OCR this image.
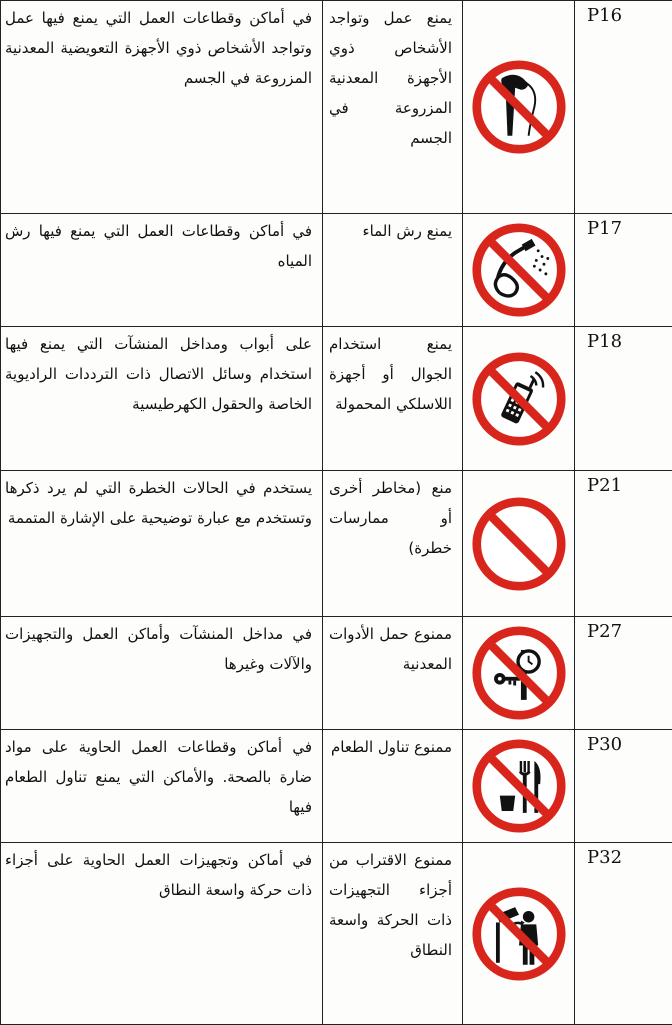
في أماكن وقطاعات العمل التي يمنع فيها عمل وتواجد الأشخاص ذوي الأجهزة التعويضية المعدنية المزروعة في الجسم	يمنع عمل وتواجد الأشخاص ذوي الأجهزة المعدنية المزروعة في الجسم		P16
في أماكن وقطاعات العمل التي يمنع فيها رش المياه	يمنع رش الماء		P17
على أبواب ومداخل المنشآت التي يمنع فيها استخدام وسائل الاتصال ذات الترددات الراديوية الخاصة والحقول الكهرطيسية	يمنع استخدام الجوال أو أجهزة اللاسلكي المحمولة		P18
يستخدم في الحالات الخطرة التي لم يرد ذكرها وتستخدم مع عبارة توضيحية على الإشارة المتممة	منع (مخاطر أخرى أو ممارسات خطرة)		P21
في مداخل المنشآت وأماكن العمل والتجهيزات والآلات وغيرها	ممنوع حمل الأدوات المعدنية		P27
في أماكن وقطاعات العمل الحاوية على مواد ضارة بالصحة. والأماكن التي يمنع تناول الطعام فيها	ممنوع تناول الطعام		P30
في أماكن وتجهيزات العمل الحاوية على أجزاء ذات حركة واسعة النطاق	ممنوع الاقتراب من أجزاء التجهيزات ذات الحركة واسعة النطاق		P32
